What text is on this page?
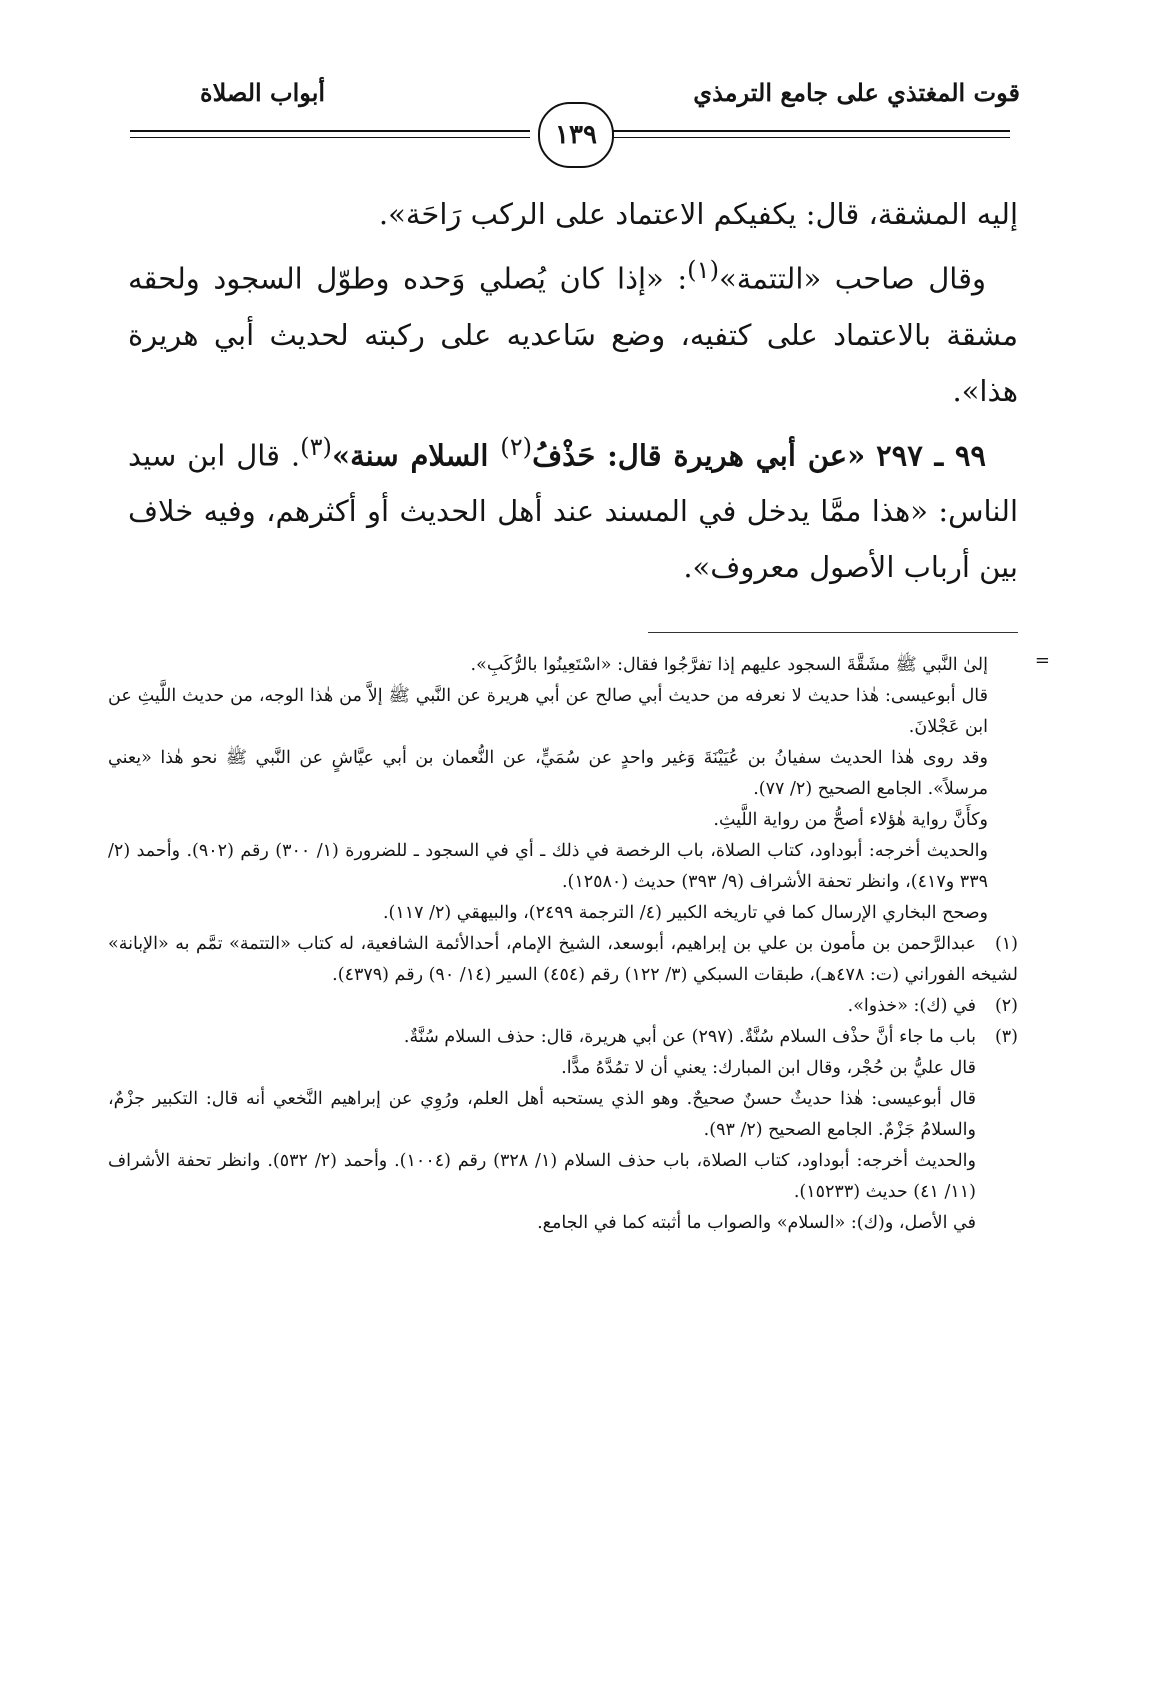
قوت المغتذي على جامع الترمذي
أبواب الصلاة
١٣٩

إليه المشقة، قال: يكفيكم الاعتماد على الركب رَاحَة».

وقال صاحب «التتمة»$^{(١)}$: «إذا كان يُصلي وَحده وطوّل السجود ولحقه مشقة بالاعتماد على كتفيه، وضع سَاعديه على ركبته لحديث أبي هريرة هذا».

٩٩ ـ ٢٩٧ «عن أبي هريرة قال: حَذْفُ$^{(٢)}$ السلام سنة»$^{(٣)}$. قال ابن سيد الناس: «هذا ممَّا يدخل في المسند عند أهل الحديث أو أكثرهم، وفيه خلاف بين أرباب الأصول معروف».

=

إلىٰ النَّبي ﷺ مشَقَّةَ السجود عليهم إذا تفرَّجُوا فقال: «اسْتَعِينُوا بالرُّكَبِ».

قال أبوعيسى: هٰذا حديث لا نعرفه من حديث أبي صالح عن أبي هريرة عن النَّبي ﷺ إلاَّ من هٰذا الوجه، من حديث اللَّيثِ عن ابن عَجْلانَ.

وقد روى هٰذا الحديث سفيانُ بن عُيَيْنَةَ وَغير واحدٍ عن سُمَيٍّ، عن النُّعمان بن أبي عيَّاشٍ عن النَّبي ﷺ نحو هٰذا «يعني مرسلاً». الجامع الصحيح (٢/ ٧٧).

وكأَنَّ رواية هٰؤلاء أصحُّ من رواية اللَّيثِ.

والحديث أخرجه: أبوداود، كتاب الصلاة، باب الرخصة في ذلك ـ أي في السجود ـ للضرورة (١/ ٣٠٠) رقم (٩٠٢). وأحمد (٢/ ٣٣٩ و٤١٧)، وانظر تحفة الأشراف (٩/ ٣٩٣) حديث (١٢٥٨٠).

وصحح البخاري الإرسال كما في تاريخه الكبير (٤/ الترجمة ٢٤٩٩)، والبيهقي (٢/ ١١٧).

(١)عبدالرَّحمن بن مأمون بن علي بن إبراهيم، أبوسعد، الشيخ الإمام، أحدالأئمة الشافعية، له كتاب «التتمة» تمَّم به «الإبانة» لشيخه الفوراني (ت: ٤٧٨هـ)، طبقات السبكي (٣/ ١٢٢) رقم (٤٥٤) السير (١٤/ ٩٠) رقم (٤٣٧٩).

(٢)في (ك): «خذوا».

(٣)باب ما جاء أنَّ حذْف السلام سُنَّةٌ. (٢٩٧) عن أبي هريرة، قال: حذف السلام سُنَّةٌ.

قال عليُّ بن حُجْر، وقال ابن المبارك: يعني أن لا تمُدَّهُ مدًّا.

قال أبوعيسى: هٰذا حديثٌ حسنٌ صحيحٌ. وهو الذي يستحبه أهل العلم، ورُوِي عن إبراهيم النَّخعي أنه قال: التكبير جزْمٌ، والسلامُ جَزْمٌ. الجامع الصحيح (٢/ ٩٣).

والحديث أخرجه: أبوداود، كتاب الصلاة، باب حذف السلام (١/ ٣٢٨) رقم (١٠٠٤). وأحمد (٢/ ٥٣٢). وانظر تحفة الأشراف (١١/ ٤١) حديث (١٥٢٣٣).

في الأصل، و(ك): «السلام» والصواب ما أثبته كما في الجامع.
